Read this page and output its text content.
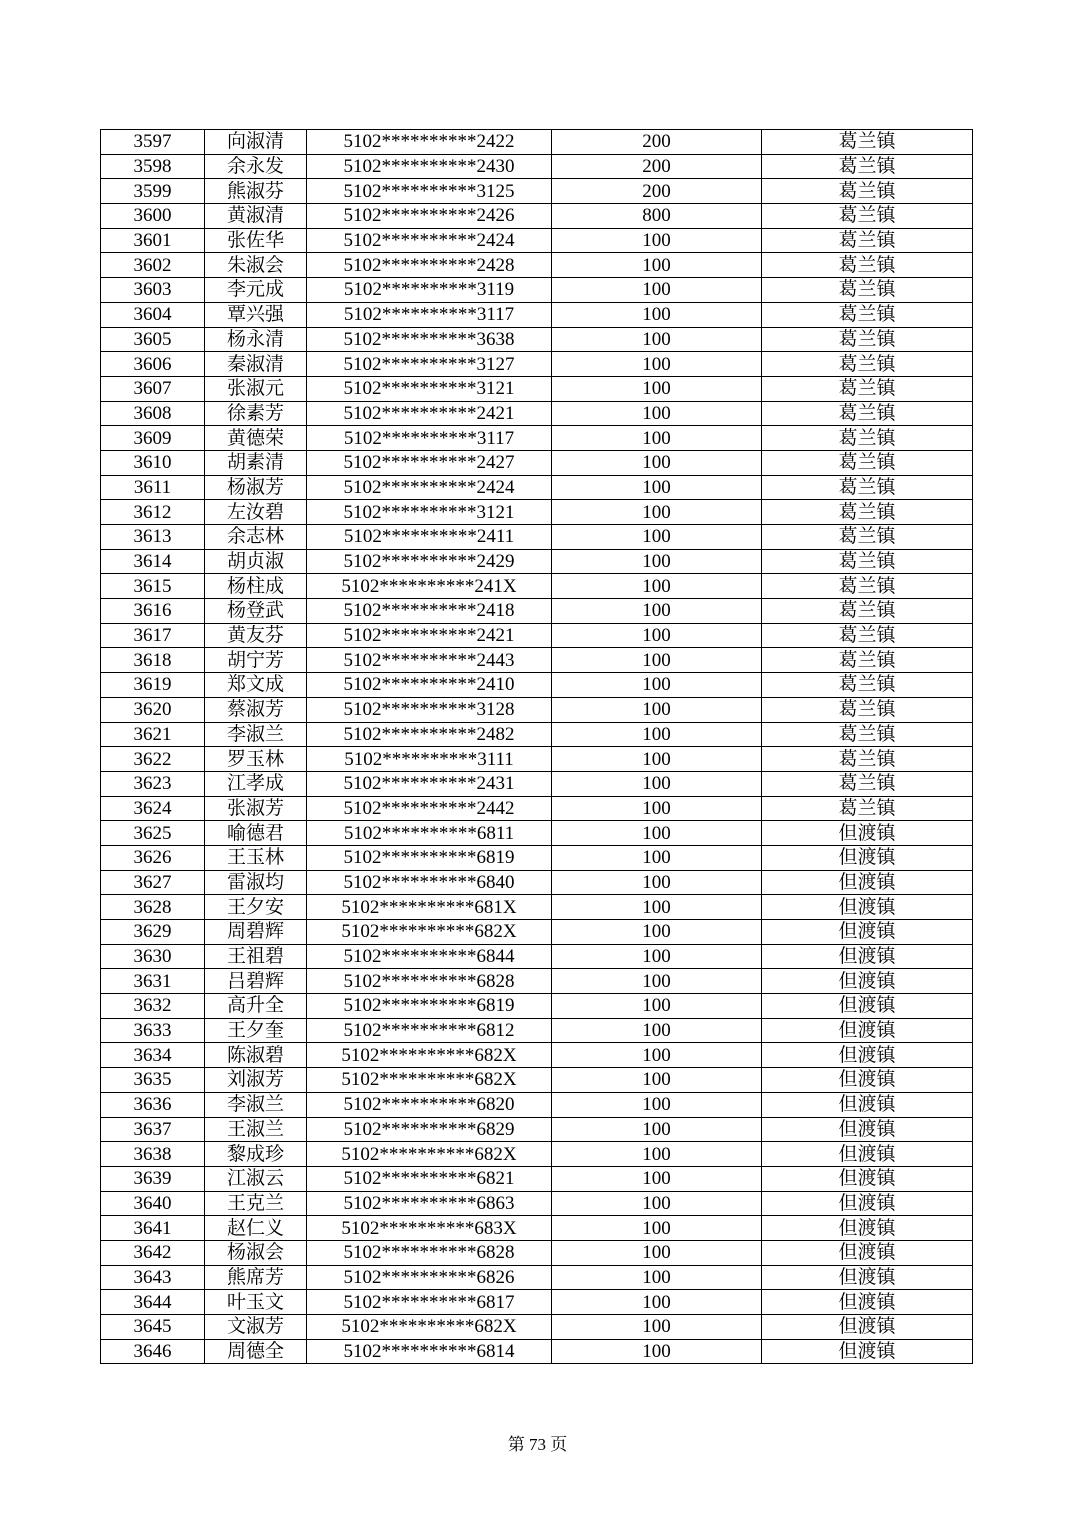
3597	向淑清	5102**********2422	200	葛兰镇
3598	余永发	5102**********2430	200	葛兰镇
3599	熊淑芬	5102**********3125	200	葛兰镇
3600	黄淑清	5102**********2426	800	葛兰镇
3601	张佐华	5102**********2424	100	葛兰镇
3602	朱淑会	5102**********2428	100	葛兰镇
3603	李元成	5102**********3119	100	葛兰镇
3604	覃兴强	5102**********3117	100	葛兰镇
3605	杨永清	5102**********3638	100	葛兰镇
3606	秦淑清	5102**********3127	100	葛兰镇
3607	张淑元	5102**********3121	100	葛兰镇
3608	徐素芳	5102**********2421	100	葛兰镇
3609	黄德荣	5102**********3117	100	葛兰镇
3610	胡素清	5102**********2427	100	葛兰镇
3611	杨淑芳	5102**********2424	100	葛兰镇
3612	左汝碧	5102**********3121	100	葛兰镇
3613	余志林	5102**********2411	100	葛兰镇
3614	胡贞淑	5102**********2429	100	葛兰镇
3615	杨柱成	5102**********241X	100	葛兰镇
3616	杨登武	5102**********2418	100	葛兰镇
3617	黄友芬	5102**********2421	100	葛兰镇
3618	胡宁芳	5102**********2443	100	葛兰镇
3619	郑文成	5102**********2410	100	葛兰镇
3620	蔡淑芳	5102**********3128	100	葛兰镇
3621	李淑兰	5102**********2482	100	葛兰镇
3622	罗玉林	5102**********3111	100	葛兰镇
3623	江孝成	5102**********2431	100	葛兰镇
3624	张淑芳	5102**********2442	100	葛兰镇
3625	喻德君	5102**********6811	100	但渡镇
3626	王玉林	5102**********6819	100	但渡镇
3627	雷淑均	5102**********6840	100	但渡镇
3628	王夕安	5102**********681X	100	但渡镇
3629	周碧辉	5102**********682X	100	但渡镇
3630	王祖碧	5102**********6844	100	但渡镇
3631	吕碧辉	5102**********6828	100	但渡镇
3632	高升全	5102**********6819	100	但渡镇
3633	王夕奎	5102**********6812	100	但渡镇
3634	陈淑碧	5102**********682X	100	但渡镇
3635	刘淑芳	5102**********682X	100	但渡镇
3636	李淑兰	5102**********6820	100	但渡镇
3637	王淑兰	5102**********6829	100	但渡镇
3638	黎成珍	5102**********682X	100	但渡镇
3639	江淑云	5102**********6821	100	但渡镇
3640	王克兰	5102**********6863	100	但渡镇
3641	赵仁义	5102**********683X	100	但渡镇
3642	杨淑会	5102**********6828	100	但渡镇
3643	熊席芳	5102**********6826	100	但渡镇
3644	叶玉文	5102**********6817	100	但渡镇
3645	文淑芳	5102**********682X	100	但渡镇
3646	周德全	5102**********6814	100	但渡镇
第 73 页
